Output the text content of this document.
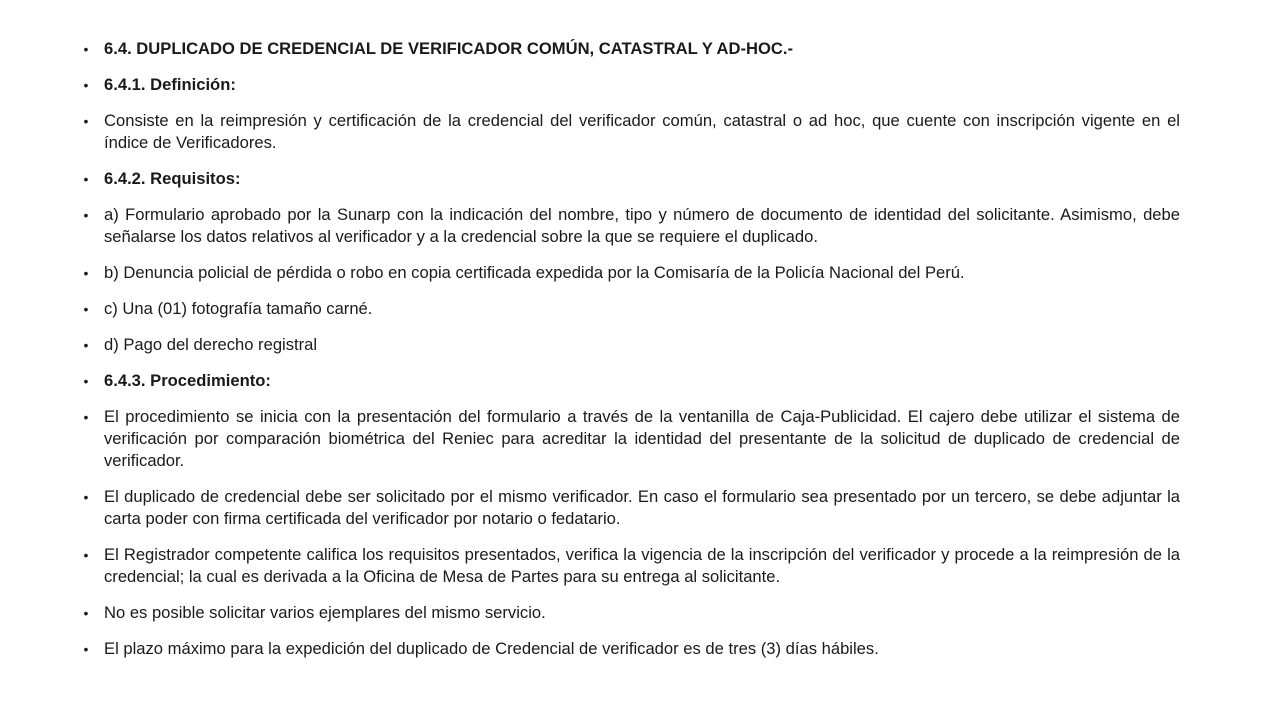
• 6.4. DUPLICADO DE CREDENCIAL DE VERIFICADOR COMÚN, CATASTRAL Y AD-HOC.-
• 6.4.1. Definición:
• Consiste en la reimpresión y certificación de la credencial del verificador común, catastral o ad hoc, que cuente con inscripción vigente en el índice de Verificadores.
• 6.4.2. Requisitos:
• a) Formulario aprobado por la Sunarp con la indicación del nombre, tipo y número de documento de identidad del solicitante. Asimismo, debe señalarse los datos relativos al verificador y a la credencial sobre la que se requiere el duplicado.
• b) Denuncia policial de pérdida o robo en copia certificada expedida por la Comisaría de la Policía Nacional del Perú.
• c) Una (01) fotografía tamaño carné.
• d) Pago del derecho registral
• 6.4.3. Procedimiento:
• El procedimiento se inicia con la presentación del formulario a través de la ventanilla de Caja-Publicidad. El cajero debe utilizar el sistema de verificación por comparación biométrica del Reniec para acreditar la identidad del presentante de la solicitud de duplicado de credencial de verificador.
• El duplicado de credencial debe ser solicitado por el mismo verificador. En caso el formulario sea presentado por un tercero, se debe adjuntar la carta poder con firma certificada del verificador por notario o fedatario.
• El Registrador competente califica los requisitos presentados, verifica la vigencia de la inscripción del verificador y procede a la reimpresión de la credencial; la cual es derivada a la Oficina de Mesa de Partes para su entrega al solicitante.
• No es posible solicitar varios ejemplares del mismo servicio.
• El plazo máximo para la expedición del duplicado de Credencial de verificador es de tres (3) días hábiles.
